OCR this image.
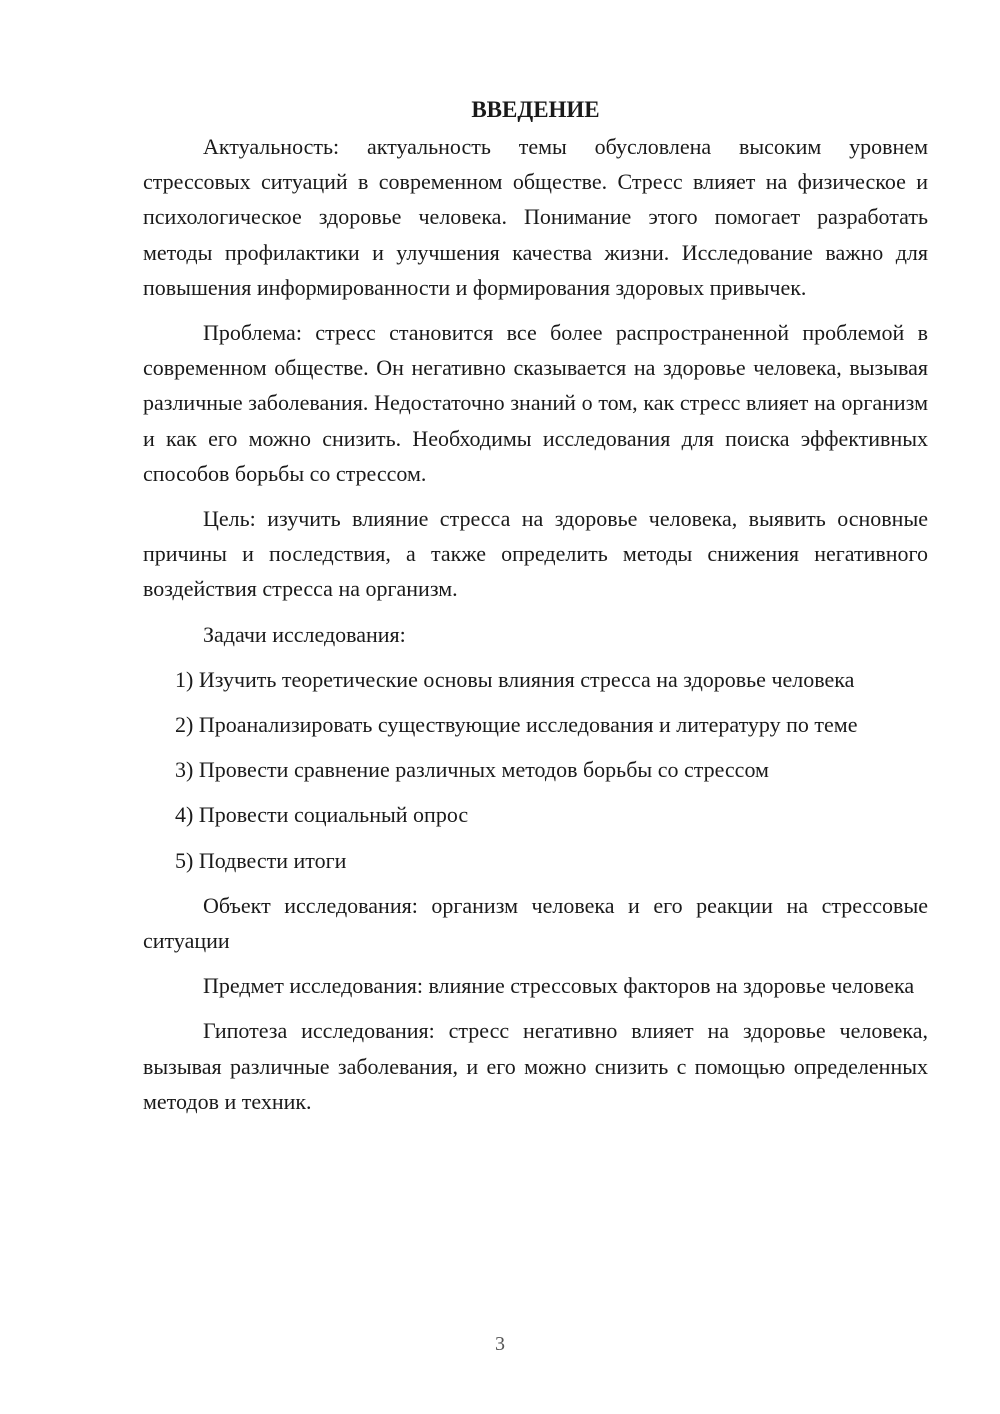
ВВЕДЕНИЕ

Актуальность: актуальность темы обусловлена высоким уровнем стрессовых ситуаций в современном обществе. Стресс влияет на физическое и психологическое здоровье человека. Понимание этого помогает разработать методы профилактики и улучшения качества жизни. Исследование важно для повышения информированности и формирования здоровых привычек.

Проблема: стресс становится все более распространенной проблемой в современном обществе. Он негативно сказывается на здоровье человека, вызывая различные заболевания. Недостаточно знаний о том, как стресс влияет на организм и как его можно снизить. Необходимы исследования для поиска эффективных способов борьбы со стрессом.

Цель: изучить влияние стресса на здоровье человека, выявить основные причины и последствия, а также определить методы снижения негативного воздействия стресса на организм.

Задачи исследования:

1) Изучить теоретические основы влияния стресса на здоровье человека

2) Проанализировать существующие исследования и литературу по теме

3) Провести сравнение различных методов борьбы со стрессом

4) Провести социальный опрос

5) Подвести итоги

Объект исследования: организм человека и его реакции на стрессовые ситуации

Предмет исследования: влияние стрессовых факторов на здоровье человека

Гипотеза исследования: стресс негативно влияет на здоровье человека, вызывая различные заболевания, и его можно снизить с помощью определенных методов и техник.

3
